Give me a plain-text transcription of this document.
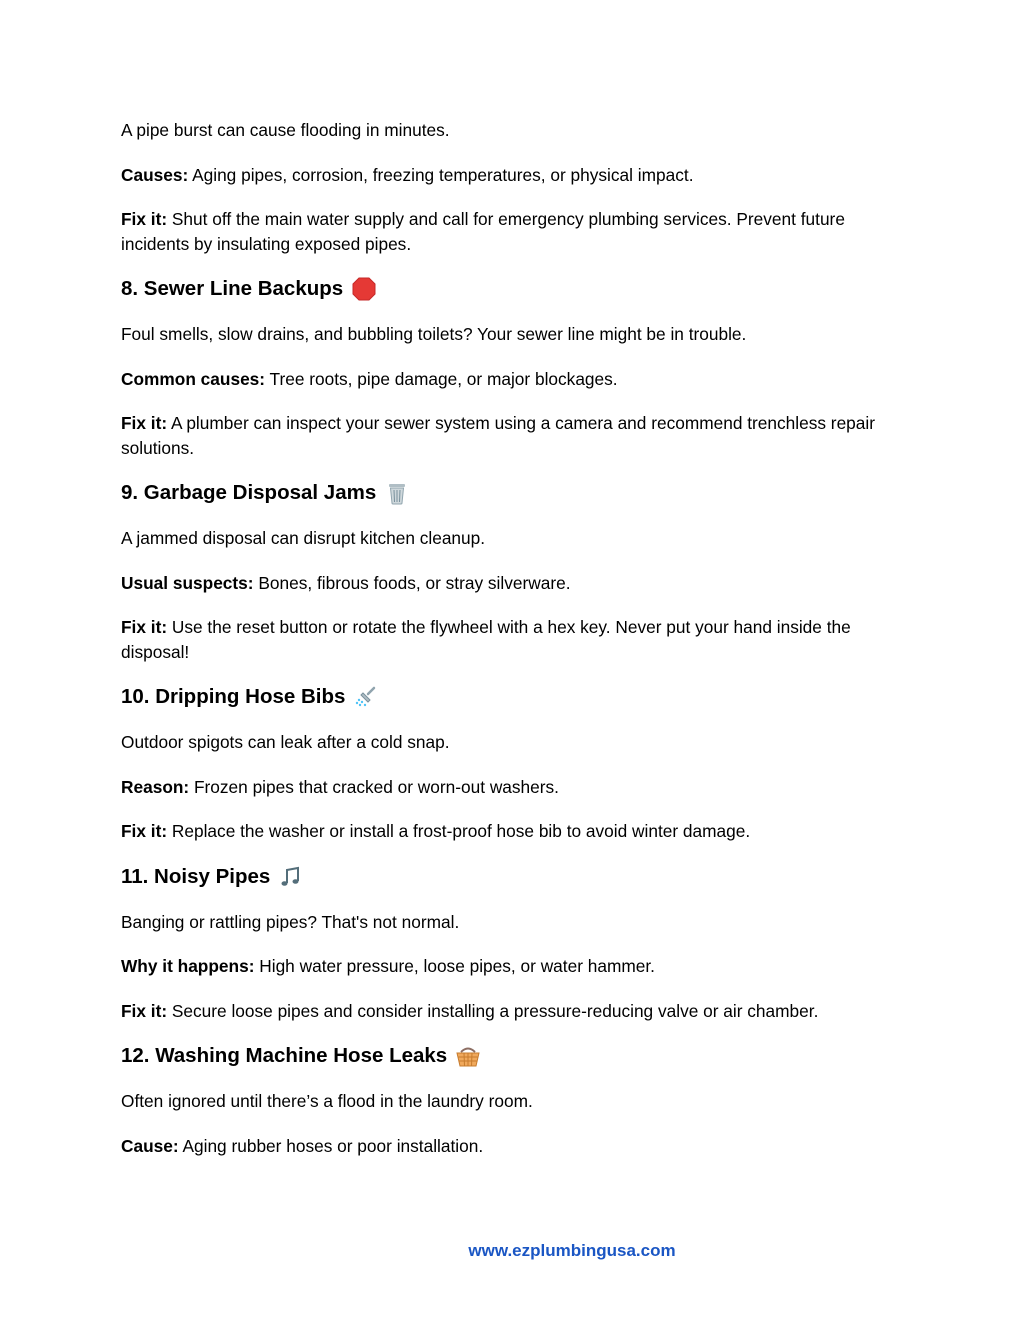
A pipe burst can cause flooding in minutes.

Causes: Aging pipes, corrosion, freezing temperatures, or physical impact.

Fix it: Shut off the main water supply and call for emergency plumbing services. Prevent future incidents by insulating exposed pipes.

8. Sewer Line Backups

Foul smells, slow drains, and bubbling toilets? Your sewer line might be in trouble.

Common causes: Tree roots, pipe damage, or major blockages.

Fix it: A plumber can inspect your sewer system using a camera and recommend trenchless repair solutions.

9. Garbage Disposal Jams

A jammed disposal can disrupt kitchen cleanup.

Usual suspects: Bones, fibrous foods, or stray silverware.

Fix it: Use the reset button or rotate the flywheel with a hex key. Never put your hand inside the disposal!

10. Dripping Hose Bibs

Outdoor spigots can leak after a cold snap.

Reason: Frozen pipes that cracked or worn-out washers.

Fix it: Replace the washer or install a frost-proof hose bib to avoid winter damage.

11. Noisy Pipes

Banging or rattling pipes? That's not normal.

Why it happens: High water pressure, loose pipes, or water hammer.

Fix it: Secure loose pipes and consider installing a pressure-reducing valve or air chamber.

12. Washing Machine Hose Leaks

Often ignored until there’s a flood in the laundry room.

Cause: Aging rubber hoses or poor installation.

www.ezplumbingusa.com
